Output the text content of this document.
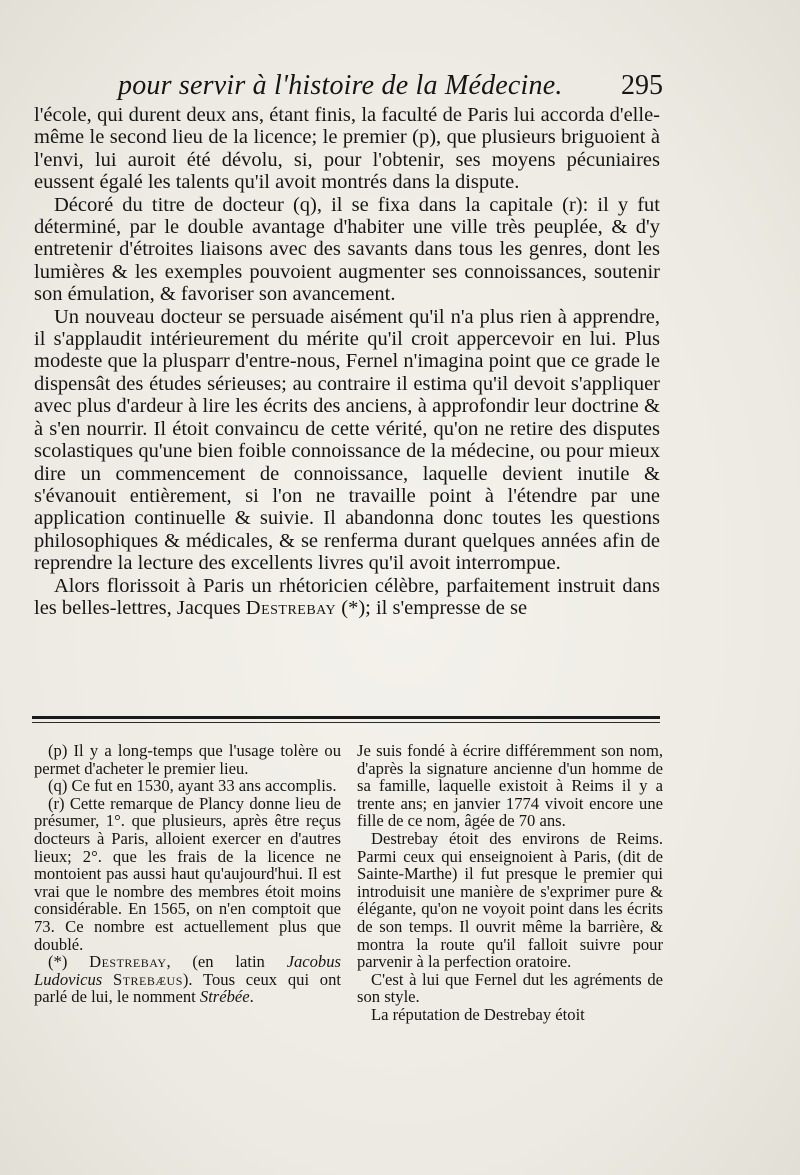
pour servir à l'histoire de la Médecine. 295

l'école, qui durent deux ans, étant finis, la faculté de Paris lui accorda d'elle-même le second lieu de la licence; le premier (p), que plusieurs briguoient à l'envi, lui auroit été dévolu, si, pour l'obtenir, ses moyens pécuniaires eussent égalé les talents qu'il avoit montrés dans la dispute.

Décoré du titre de docteur (q), il se fixa dans la capitale (r): il y fut déterminé, par le double avantage d'habiter une ville très peuplée, & d'y entretenir d'étroites liaisons avec des savants dans tous les genres, dont les lumières & les exemples pouvoient augmenter ses connoissances, soutenir son émulation, & favoriser son avancement.

Un nouveau docteur se persuade aisément qu'il n'a plus rien à apprendre, il s'applaudit intérieurement du mérite qu'il croit appercevoir en lui. Plus modeste que la plusparr d'entre-nous, Fernel n'imagina point que ce grade le dispensât des études sérieuses; au contraire il estima qu'il devoit s'appliquer avec plus d'ardeur à lire les écrits des anciens, à approfondir leur doctrine & à s'en nourrir. Il étoit convaincu de cette vérité, qu'on ne retire des disputes scolastiques qu'une bien foible connoissance de la médecine, ou pour mieux dire un commencement de connoissance, laquelle devient inutile & s'évanouit entièrement, si l'on ne travaille point à l'étendre par une application continuelle & suivie. Il abandonna donc toutes les questions philosophiques & médicales, & se renferma durant quelques années afin de reprendre la lecture des excellents livres qu'il avoit interrompue.

Alors florissoit à Paris un rhétoricien célèbre, parfaitement instruit dans les belles-lettres, Jacques Destrebay (*); il s'empresse de se

(p) Il y a long-temps que l'usage tolère ou permet d'acheter le premier lieu.

(q) Ce fut en 1530, ayant 33 ans accomplis.

(r) Cette remarque de Plancy donne lieu de présumer, 1°. que plusieurs, après être reçus docteurs à Paris, alloient exercer en d'autres lieux; 2°. que les frais de la licence ne montoient pas aussi haut qu'aujourd'hui. Il est vrai que le nombre des membres étoit moins considérable. En 1565, on n'en comptoit que 73. Ce nombre est actuellement plus que doublé.

(*) Destrebay, (en latin Jacobus Ludovicus Strebæus). Tous ceux qui ont parlé de lui, le nomment Strébée.

Je suis fondé à écrire différemment son nom, d'après la signature ancienne d'un homme de sa famille, laquelle existoit à Reims il y a trente ans; en janvier 1774 vivoit encore une fille de ce nom, âgée de 70 ans.

Destrebay étoit des environs de Reims. Parmi ceux qui enseignoient à Paris, (dit de Sainte-Marthe) il fut presque le premier qui introduisit une manière de s'exprimer pure & élégante, qu'on ne voyoit point dans les écrits de son temps. Il ouvrit même la barrière, & montra la route qu'il falloit suivre pour parvenir à la perfection oratoire.

C'est à lui que Fernel dut les agréments de son style.

La réputation de Destrebay étoit
